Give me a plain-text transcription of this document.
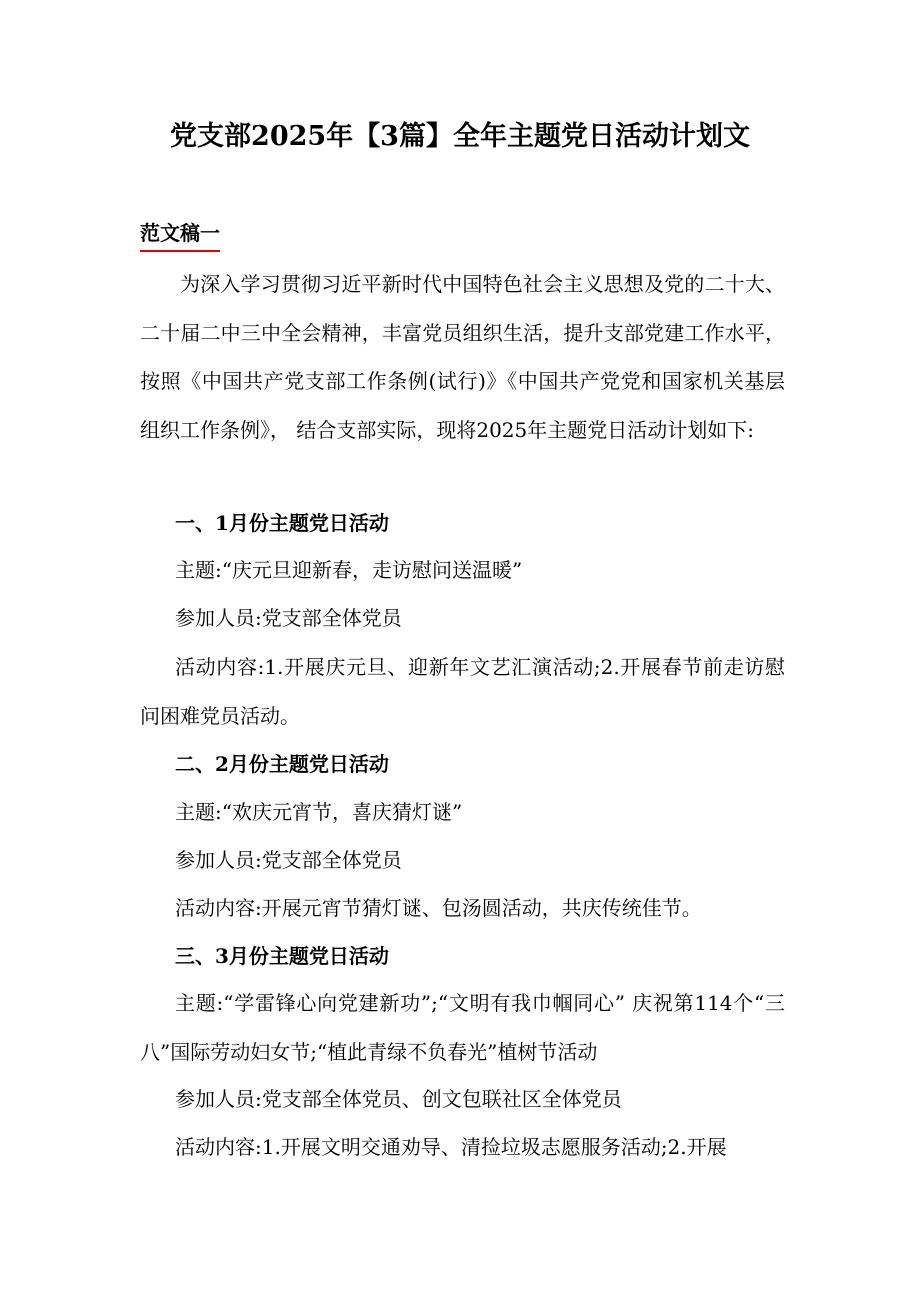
党支部2025年【3篇】全年主题党日活动计划文
范文稿一

为深入学习贯彻习近平新时代中国特色社会主义思想及党的二十大、二十届二中三中全会精神，丰富党员组织生活，提升支部党建工作水平，按照《中国共产党支部工作条例(试行)》《中国共产党党和国家机关基层组织工作条例》， 结合支部实际，现将2025年主题党日活动计划如下:

一、1月份主题党日活动
主题:“庆元旦迎新春，走访慰问送温暖”
参加人员:党支部全体党员

活动内容:1.开展庆元旦、迎新年文艺汇演活动;2.开展春节前走访慰问困难党员活动。

二、2月份主题党日活动
主题:“欢庆元宵节，喜庆猜灯谜”
参加人员:党支部全体党员
活动内容:开展元宵节猜灯谜、包汤圆活动，共庆传统佳节。
三、3月份主题党日活动

主题:“学雷锋心向党建新功”;“文明有我巾帼同心” 庆祝第114个“三八”国际劳动妇女节;“植此青绿不负春光”植树节活动

参加人员:党支部全体党员、创文包联社区全体党员

活动内容:1.开展文明交通劝导、清捡垃圾志愿服务活动;2.开展
